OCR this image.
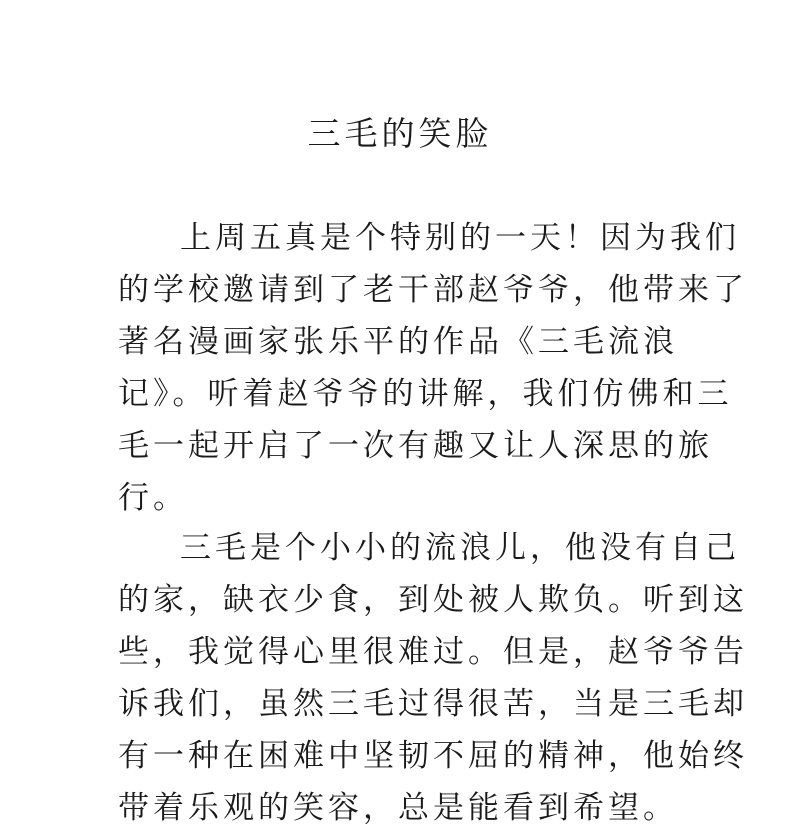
三毛的笑脸
上周五真是个特别的一天！因为我们
的学校邀请到了老干部赵爷爷，他带来了
著名漫画家张乐平的作品《三毛流浪
记》。听着赵爷爷的讲解，我们仿佛和三
毛一起开启了一次有趣又让人深思的旅
行。
三毛是个小小的流浪儿，他没有自己
的家，缺衣少食，到处被人欺负。听到这
些，我觉得心里很难过。但是，赵爷爷告
诉我们，虽然三毛过得很苦，当是三毛却
有一种在困难中坚韧不屈的精神，他始终
带着乐观的笑容，总是能看到希望。
